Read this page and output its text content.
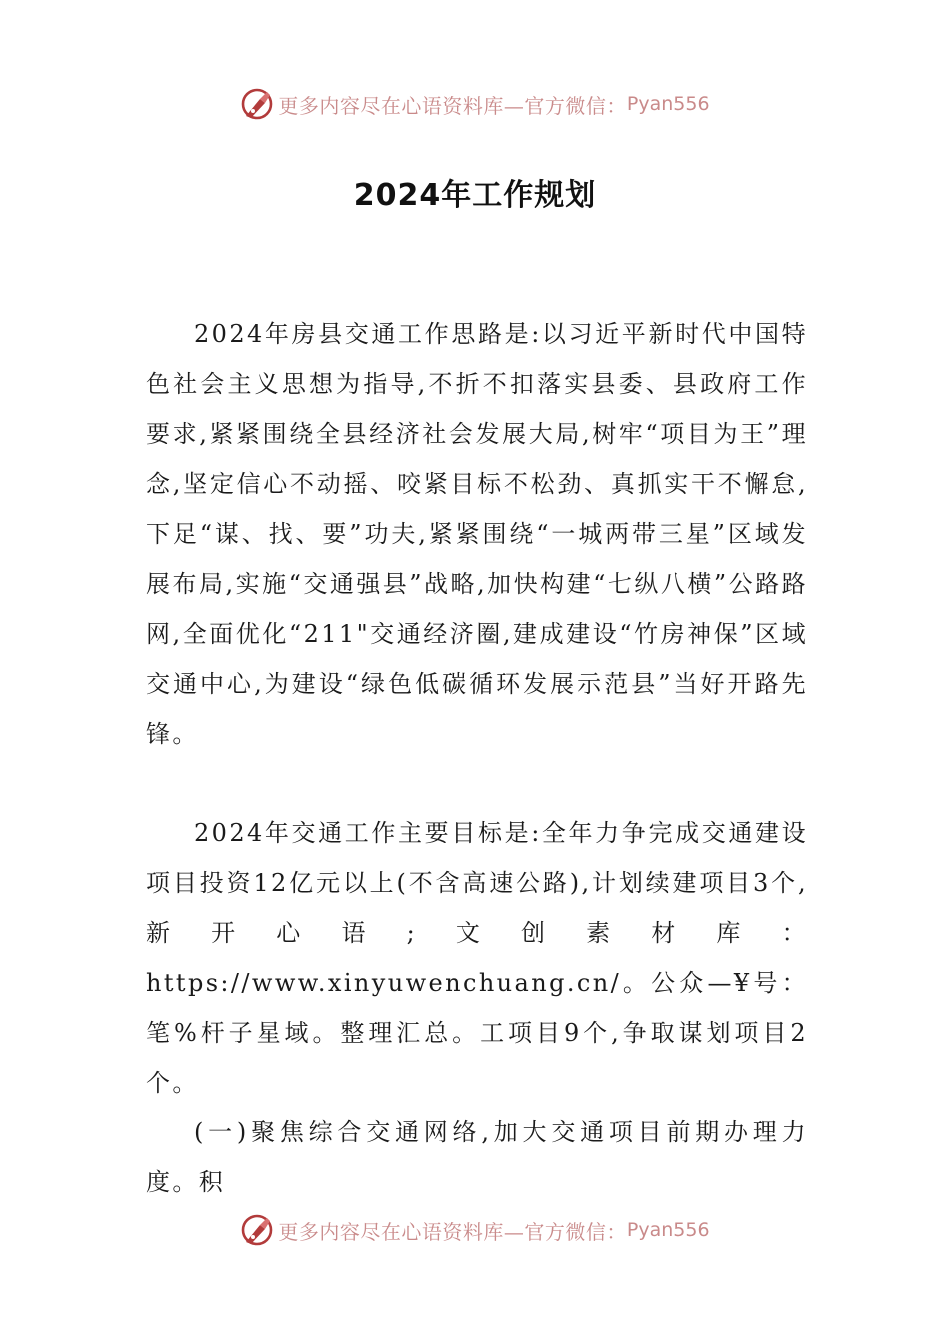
更多内容尽在心语资料库—官方微信： Pyan556
2024年工作规划

2024年房县交通工作思路是:以习近平新时代中国特色社会主义思想为指导,不折不扣落实县委、县政府工作要求,紧紧围绕全县经济社会发展大局,树牢“项目为王”理念,坚定信心不动摇、咬紧目标不松劲、真抓实干不懈怠,下足“谋、找、要”功夫,紧紧围绕“一城两带三星”区域发展布局,实施“交通强县”战略,加快构建“七纵八横”公路路网,全面优化“211"交通经济圈,建成建设“竹房神保”区域交通中心,为建设“绿色低碳循环发展示范县”当好开路先锋。

2024年交通工作主要目标是:全年力争完成交通建设项目投资12亿元以上(不含高速公路),计划续建项目3个,新开心语;文创素材库：https://www.xinyuwenchuang.cn/。公众—¥号：笔%杆子星域。整理汇总。工项目9个,争取谋划项目2个。

(一)聚焦综合交通网络,加大交通项目前期办理力度。积

更多内容尽在心语资料库—官方微信： Pyan556
